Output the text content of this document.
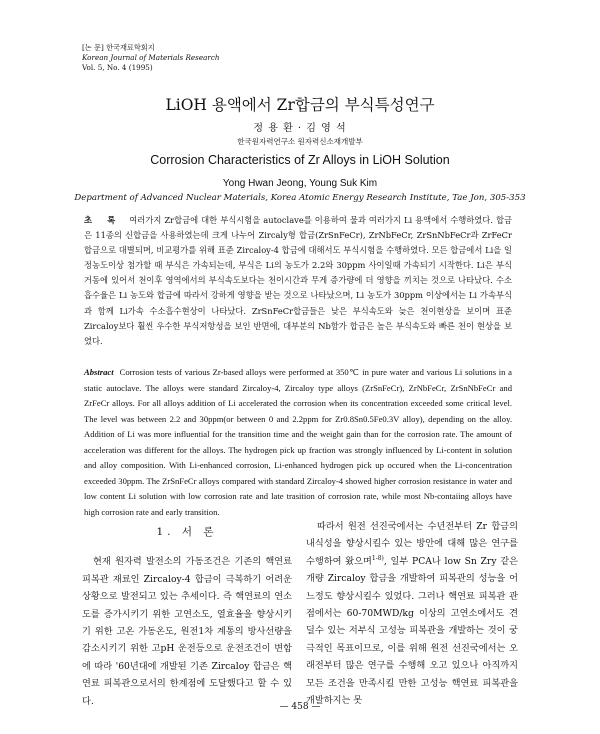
[논 문] 한국재료학회지
Korean Journal of Materials Research
Vol. 5, No. 4 (1995)
LiOH 용액에서 Zr합금의 부식특성연구
정 용 환 · 김 영 석
한국원자력연구소 원자력신소재개발부
Corrosion Characteristics of Zr Alloys in LiOH Solution
Yong Hwan Jeong, Young Suk Kim
Department of Advanced Nuclear Materials, Korea Atomic Energy Research Institute, Tae Jon, 305-353
초 록 여러가지 Zr합금에 대한 부식시험을 autoclave를 이용하여 물과 여러가지 Li 용액에서 수행하였다. 합금은 11종의 신합금을 사용하였는데 크게 나누어 Zircaly형 합금(ZrSnFeCr), ZrNbFeCr, ZrSnNbFeCr과 ZrFeCr 합금으로 대별되며, 비교평가를 위해 표준 Zircaloy-4 합금에 대해서도 부식시험을 수행하였다. 모든 합금에서 Li을 일정농도이상 첨가할 때 부식은 가속되는데, 부식은 Li의 농도가 2.2와 30ppm 사이일때 가속되기 시작한다. Li은 부식거동에 있어서 천이후 영역에서의 부식속도보다는 천이시간과 무게 증가량에 더 영향을 끼치는 것으로 나타났다. 수소흡수율은 Li 농도와 합금에 따라서 강하게 영향을 받는 것으로 나타났으며, Li 농도가 30ppm 이상에서는 Li 가속부식과 함께 Li가속 수소흡수현상이 나타났다. ZrSnFeCr합금들은 낮은 부식속도와 늦은 천이현상을 보이며 표준 Zircaloy보다 훨씬 우수한 부식저항성을 보인 반면에, 대부분의 Nb함가 합금은 높은 부식속도와 빠른 천이 현상을 보였다.
Abstract Corrosion tests of various Zr-based alloys were performed at 350℃ in pure water and various Li solutions in a static autoclave. The alloys were standard Zircaloy-4, Zircaloy type alloys (ZrSnFeCr), ZrNbFeCr, ZrSnNbFeCr and ZrFeCr alloys. For all alloys addition of Li accelerated the corrosion when its concentration exceeded some critical level. The level was between 2.2 and 30ppm(or between 0 and 2.2ppm for Zr0.8Sn0.5Fe0.3V alloy), depending on the alloy. Addition of Li was more influential for the transition time and the weight gain than for the corrosion rate. The amount of acceleration was different for the alloys. The hydrogen pick up fraction was strongly influenced by Li-content in solution and alloy composition. With Li-enhanced corrosion, Li-enhanced hydrogen pick up occured when the Li-concentration exceeded 30ppm. The ZrSnFeCr alloys compared with standard Zircaloy-4 showed higher corrosion resistance in water and low content Li solution with low corrosion rate and late trasition of corrosion rate, while most Nb-contaiing alloys have high corrosion rate and early transition.
1. 서 론

현재 원자력 발전소의 가동조건은 기존의 핵연료 피복관 재료인 Zircaloy-4 합금이 극복하기 어려운 상황으로 발전되고 있는 추세이다. 즉 핵연료의 연소도를 증가시키기 위한 고연소도, 열효율을 향상시키기 위한 고온 가동온도, 원전1차 계통의 방사선량을 감소시키기 위한 고pH 운전등으로 운전조건이 변함에 따라 '60년대에 개발된 기존 Zircaloy 합금은 핵연료 피복관으로서의 한계점에 도달했다고 할 수 있다.

따라서 원전 선진국에서는 수년전부터 Zr 합금의 내식성을 향상시킬수 있는 방안에 대해 많은 연구를 수행하여 왔으며$^{1-8)}$, 일부 PCA나 low Sn Zry 같은 개량 Zircaloy 합금을 개발하여 피복관의 성능을 어느정도 향상시킬수 있었다. 그러나 핵연료 피복관 관점에서는 60-70MWD/kg 이상의 고연소에서도 견딜수 있는 저부식 고성능 피복관을 개발하는 것이 궁극적인 목표이므로, 이를 위해 원전 선진국에서는 오래전부터 많은 연구를 수행해 오고 있으나 아직까지 모든 조건을 만족시킬 만한 고성능 핵연료 피복관을 개발하지는 못

— 458 —
